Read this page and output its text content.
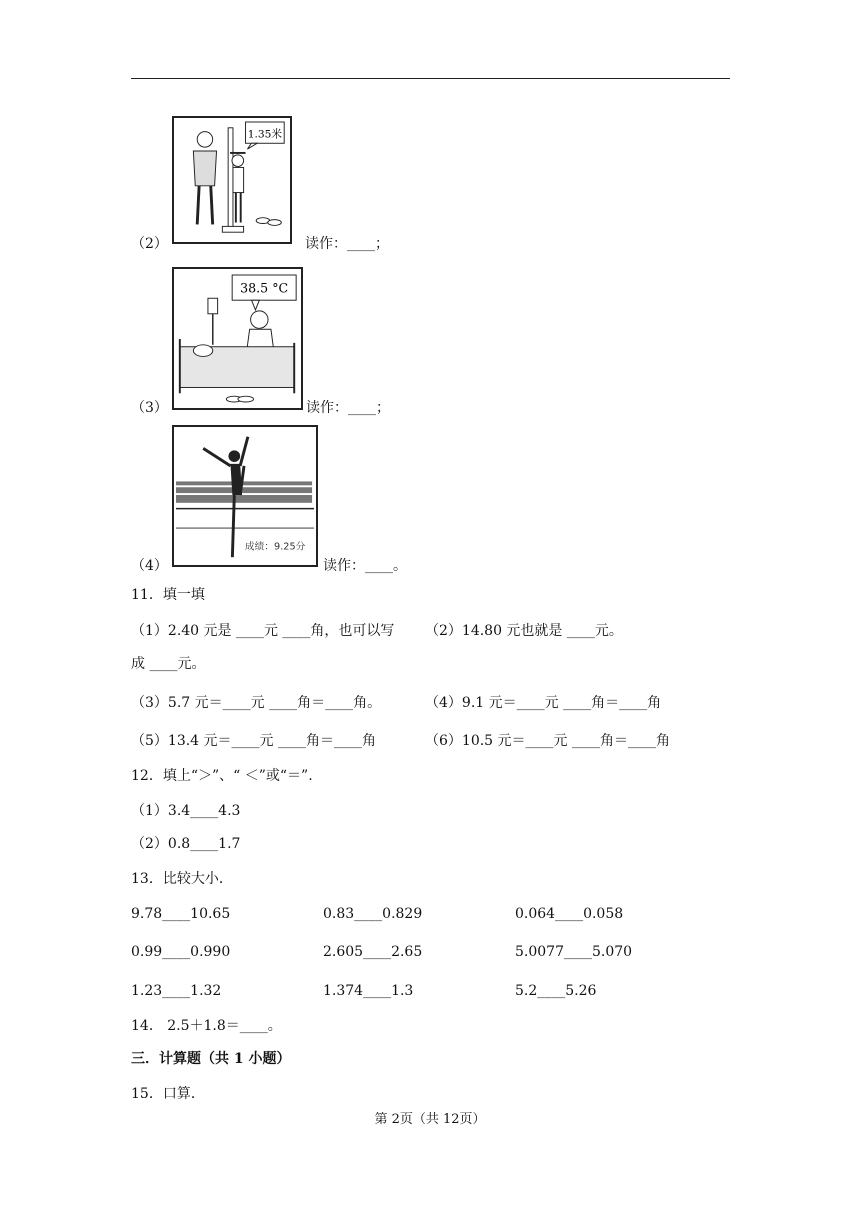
（2）
1.35米
读作：____；
（3）
38.5 °C
读作：____；
（4）
成绩：9.25分
读作：____。
11．填一填
（1）2.40 元是 ____元 ____角，也可以写 （2）14.80 元也就是 ____元。
成 ____元。
（3）5.7 元＝____元 ____角＝____角。	（4）9.1 元＝____元 ____角＝____角
（5）13.4 元＝____元 ____角＝____角	（6）10.5 元＝____元 ____角＝____角
12．填上“＞”、“ ＜”或“＝”.
（1）3.4____4.3
（2）0.8____1.7
13．比较大小．
9.78____10.65	0.83____0.829	0.064____0.058
0.99____0.990	2.605____2.65	5.0077____5.070
1.23____1.32	1.374____1.3	5.2____5.26
14． 2.5＋1.8＝____。
三．计算题（共 1 小题）
15．口算．
第 2页（共 12页）
